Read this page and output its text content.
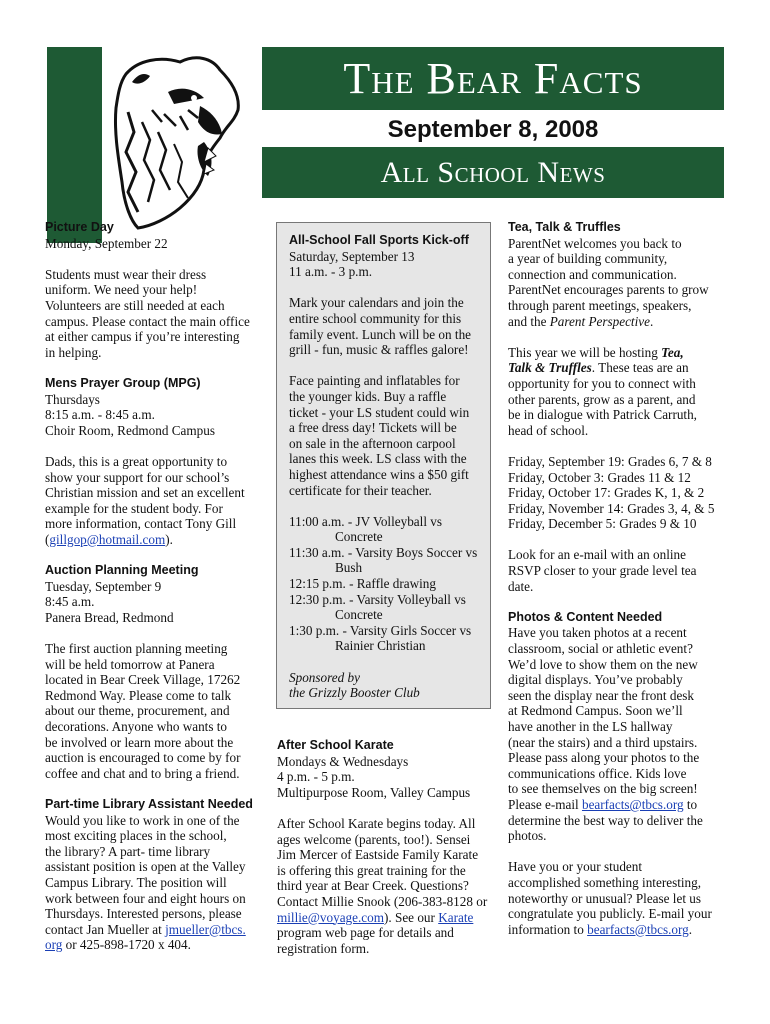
The Bear Facts
September 8, 2008
All School News

Picture Day

Monday, September 22

Students must wear their dress

uniform. We need your help!

Volunteers are still needed at each

campus. Please contact the main office

at either campus if you’re interesting

in helping.

Mens Prayer Group (MPG)

Thursdays

8:15 a.m. - 8:45 a.m.

Choir Room, Redmond Campus

Dads, this is a great opportunity to

show your support for our school’s

Christian mission and set an excellent

example for the student body. For

more information, contact Tony Gill

(gillgop@hotmail.com).

Auction Planning Meeting

Tuesday, September 9

8:45 a.m.

Panera Bread, Redmond

The first auction planning meeting

will be held tomorrow at Panera

located in Bear Creek Village, 17262

Redmond Way. Please come to talk

about our theme, procurement, and

decorations. Anyone who wants to

be involved or learn more about the

auction is encouraged to come by for

coffee and chat and to bring a friend.

Part-time Library Assistant Needed

Would you like to work in one of the

most exciting places in the school,

the library? A part- time library

assistant position is open at the Valley

Campus Library. The position will

work between four and eight hours on

Thursdays. Interested persons, please

contact Jan Mueller at jmueller@tbcs.

org or 425-898-1720 x 404.

All-School Fall Sports Kick-off

Saturday, September 13

11 a.m. - 3 p.m.

Mark your calendars and join the

entire school community for this

family event. Lunch will be on the

grill - fun, music & raffles galore!

Face painting and inflatables for

the younger kids. Buy a raffle

ticket - your LS student could win

a free dress day! Tickets will be

on sale in the afternoon carpool

lanes this week. LS class with the

highest attendance wins a $50 gift

certificate for their teacher.

11:00 a.m. - JV Volleyball vs

Concrete

11:30 a.m. - Varsity Boys Soccer vs

Bush

12:15 p.m. - Raffle drawing

12:30 p.m. - Varsity Volleyball vs

Concrete

1:30 p.m. - Varsity Girls Soccer vs

Rainier Christian

Sponsored by

the Grizzly Booster Club

After School Karate

Mondays & Wednesdays

4 p.m. - 5 p.m.

Multipurpose Room, Valley Campus

After School Karate begins today. All

ages welcome (parents, too!). Sensei

Jim Mercer of Eastside Family Karate

is offering this great training for the

third year at Bear Creek. Questions?

Contact Millie Snook (206-383-8128 or

millie@voyage.com). See our Karate

program web page for details and

registration form.

Tea, Talk & Truffles

ParentNet welcomes you back to

a year of building community,

connection and communication.

ParentNet encourages parents to grow

through parent meetings, speakers,

and the Parent Perspective.

This year we will be hosting Tea,

Talk & Truffles. These teas are an

opportunity for you to connect with

other parents, grow as a parent, and

be in dialogue with Patrick Carruth,

head of school.

Friday, September 19: Grades 6, 7 & 8

Friday, October 3: Grades 11 & 12

Friday, October 17: Grades K, 1, & 2

Friday, November 14: Grades 3, 4, & 5

Friday, December 5: Grades 9 & 10

Look for an e-mail with an online

RSVP closer to your grade level tea

date.

Photos & Content Needed

Have you taken photos at a recent

classroom, social or athletic event?

We’d love to show them on the new

digital displays. You’ve probably

seen the display near the front desk

at Redmond Campus. Soon we’ll

have another in the LS hallway

(near the stairs) and a third upstairs.

Please pass along your photos to the

communications office. Kids love

to see themselves on the big screen!

Please e-mail bearfacts@tbcs.org to

determine the best way to deliver the

photos.

Have you or your student

accomplished something interesting,

noteworthy or unusual? Please let us

congratulate you publicly. E-mail your

information to bearfacts@tbcs.org.
